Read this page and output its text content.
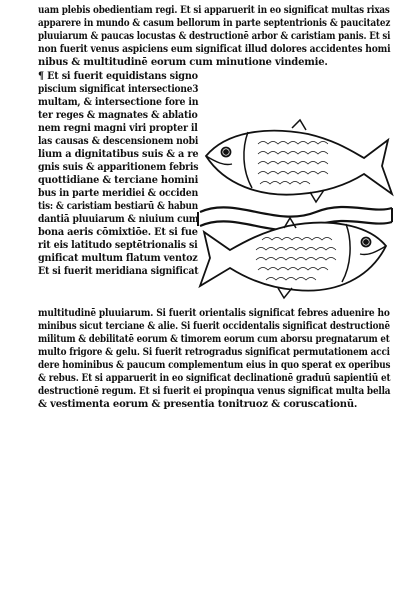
uam plebis obedientiam regi. Et si apparuerit in eo significat multas rixas
apparere in mundo & casum bellorum in parte septentrionis & paucitatez
pluuiarum & paucas locustas & destructionē arbor & caristiam panis. Et si
non fuerit venus aspiciens eum significat illud dolores accidentes homi
nibus & multitudinē eorum cum minutione vindemie.
¶ Et si fuerit equidistans signo
piscium significat intersectione3
multam, & intersectione fore in
ter reges & magnates & ablatio
nem regni magni viri propter il
las causas & descensionem nobi
lium a dignitatibus suis & a re
gnis suis & apparitionem febris
quottidiane & terciane homini
bus in parte meridiei & occiden
tis: & caristiam bestiarū & habun
dantiā pluuiarum & niuium cum
bona aeris cōmixtiōe. Et si fue
rit eis latitudo septētrionalis si
gnificat multum flatum ventoz
Et si fuerit meridiana significat
multitudinē pluuiarum. Si fuerit orientalis significat febres aduenire ho
minibus sicut terciane & alie. Si fuerit occidentalis significat destructionē
militum & debilitatē eorum & timorem eorum cum aborsu pregnatarum et
multo frigore & gelu. Si fuerit retrogradus significat permutationem acci
dere hominibus & paucum complementum eius in quo sperat ex operibus
& rebus. Et si apparuerit in eo significat declinationē graduū sapientiū et
destructionē regum. Et si fuerit ei propinqua venus significat multa bella
& vestimenta eorum & presentia tonitruoz & coruscationū.
